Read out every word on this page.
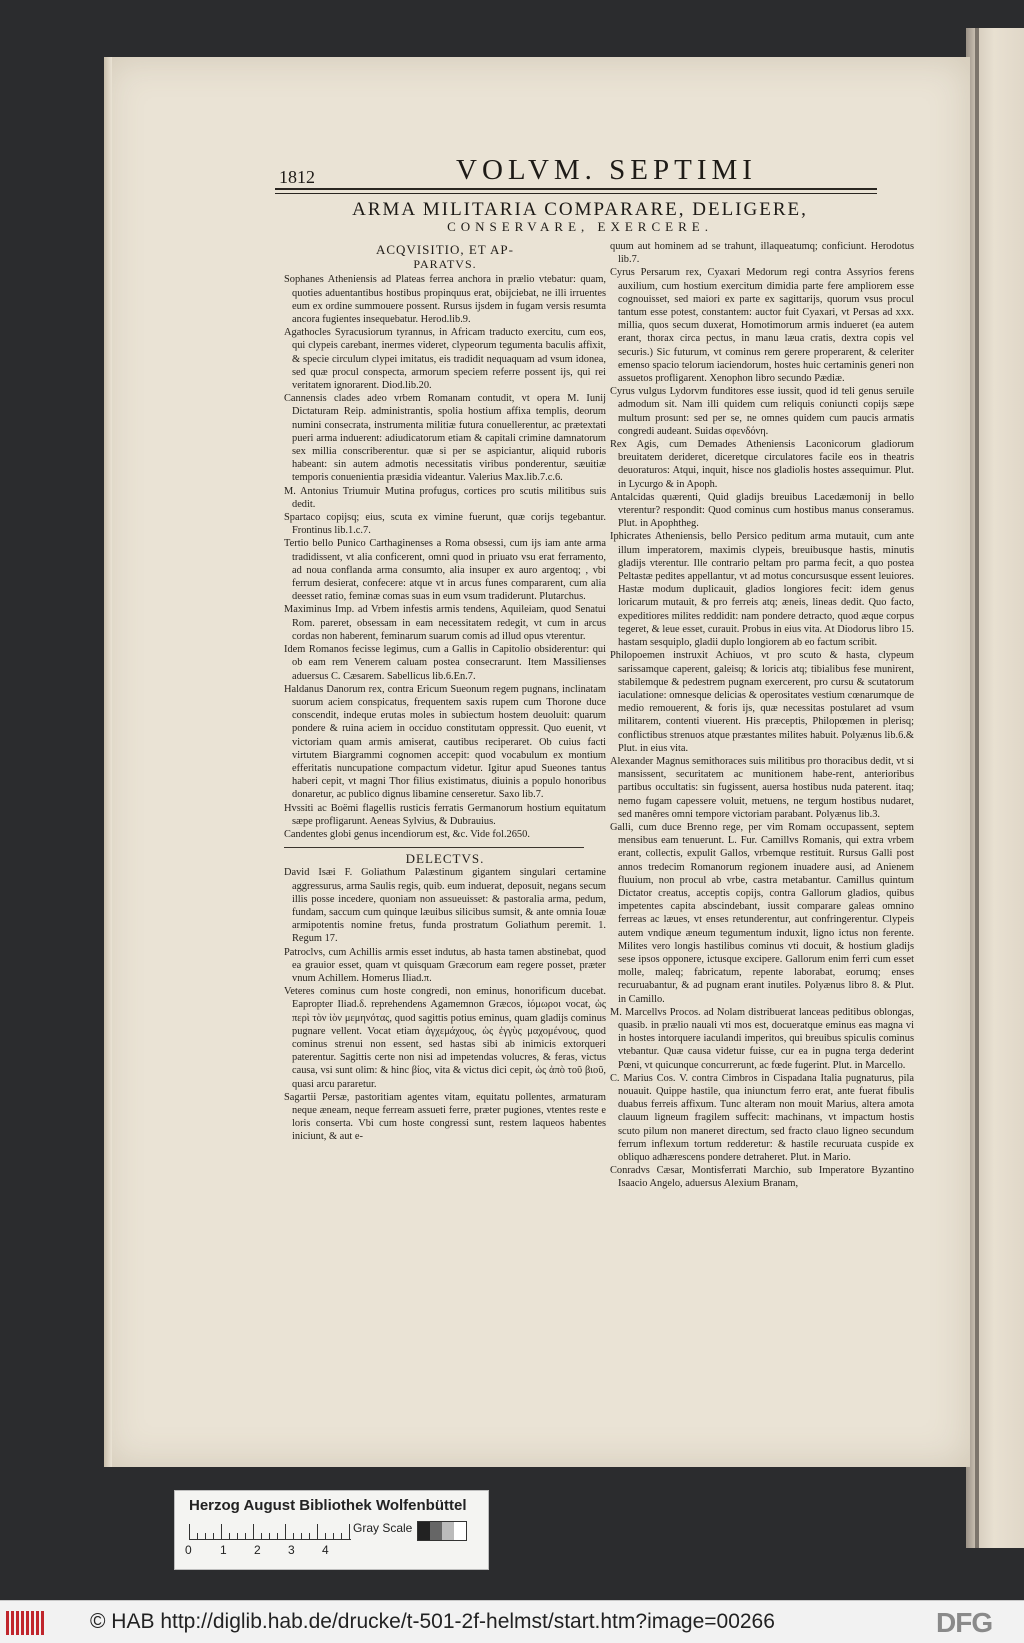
1812	VOLVM. SEPTIMI
ARMA MILITARIA COMPARARE, DELIGERE,
CONSERVARE, EXERCERE.

ACQVISITIO, ET AP-

PARATVS.

Sophanes Atheniensis ad Plateas ferrea anchora in prælio vtebatur: quam, quoties aduentantibus hostibus propinquus erat, obijciebat, ne illi irruentes eum ex ordine summouere possent. Rursus ijsdem in fugam versis resumta ancora fugientes insequebatur. Herod.lib.9.

Agathocles Syracusiorum tyrannus, in Africam traducto exercitu, cum eos, qui clypeis carebant, inermes videret, clypeorum tegumenta baculis affixit, & specie circulum clypei imitatus, eis tradidit nequaquam ad vsum idonea, sed quæ procul conspecta, armorum speciem referre possent ijs, qui rei veritatem ignorarent. Diod.lib.20.

Cannensis clades adeo vrbem Romanam contudit, vt opera M. Iunij Dictaturam Reip. administrantis, spolia hostium affixa templis, deorum numini consecrata, instrumenta militiæ futura conuellerentur, ac prætextati pueri arma induerent: adiudicatorum etiam & capitali crimine damnatorum sex millia conscriberentur. quæ si per se aspiciantur, aliquid ruboris habeant: sin autem admotis necessitatis viribus ponderentur, sæuitiæ temporis conuenientia præsidia videantur. Valerius Max.lib.7.c.6.

M. Antonius Triumuir Mutina profugus, cortices pro scutis militibus suis dedit.

Spartaco copijsq; eius, scuta ex vimine fuerunt, quæ corijs tegebantur. Frontinus lib.1.c.7.

Tertio bello Punico Carthaginenses a Roma obsessi, cum ijs iam ante arma tradidissent, vt alia conficerent, omni quod in priuato vsu erat ferramento, ad noua conflanda arma consumto, alia insuper ex auro argentoq; , vbi ferrum desierat, confecere: atque vt in arcus funes compararent, cum alia deesset ratio, feminæ comas suas in eum vsum tradiderunt. Plutarchus.

Maximinus Imp. ad Vrbem infestis armis tendens, Aquileiam, quod Senatui Rom. pareret, obsessam in eam necessitatem redegit, vt cum in arcus cordas non haberent, feminarum suarum comis ad illud opus vterentur.

Idem Romanos fecisse legimus, cum a Gallis in Capitolio obsiderentur: qui ob eam rem Venerem caluam postea consecrarunt. Item Massilienses aduersus C. Cæsarem. Sabellicus lib.6.En.7.

Haldanus Danorum rex, contra Ericum Sueonum regem pugnans, inclinatam suorum aciem conspicatus, frequentem saxis rupem cum Thorone duce conscendit, indeque erutas moles in subiectum hostem deuoluit: quarum pondere & ruina aciem in occiduo constitutam oppressit. Quo euenit, vt victoriam quam armis amiserat, cautibus reciperaret. Ob cuius facti virtutem Biargrammi cognomen accepit: quod vocabulum ex montium efferitatis nuncupatione compactum videtur. Igitur apud Sueones tantus haberi cepit, vt magni Thor filius existimatus, diuinis a populo honoribus donaretur, ac publico dignus libamine censeretur. Saxo lib.7.

Hvssiti ac Boëmi flagellis rusticis ferratis Germanorum hostium equitatum sæpe profligarunt. Aeneas Sylvius, & Dubrauius.

Candentes globi genus incendiorum est, &c. Vide fol.2650.

DELECTVS.

David Isæi F. Goliathum Palæstinum gigantem singulari certamine aggressurus, arma Saulis regis, quib. eum induerat, deposuit, negans secum illis posse incedere, quoniam non assueuisset: & pastoralia arma, pedum, fundam, saccum cum quinque læuibus silicibus sumsit, & ante omnia Iouæ armipotentis nomine fretus, funda prostratum Goliathum peremit. 1. Regum 17.

Patroclvs, cum Achillis armis esset indutus, ab hasta tamen abstinebat, quod ea grauior esset, quam vt quisquam Græcorum eam regere posset, præter vnum Achillem. Homerus Iliad.π.

Veteres cominus cum hoste congredi, non eminus, honorificum ducebat. Eapropter Iliad.δ. reprehendens Agamemnon Græcos, ἰόμωροι vocat, ὡς περὶ τὸν ἰὸν μεμηνότας, quod sagittis potius eminus, quam gladijs cominus pugnare vellent. Vocat etiam ἀγχεμάχους, ὡς ἐγγὺς μαχομένους, quod cominus strenui non essent, sed hastas sibi ab inimicis extorqueri paterentur. Sagittis certe non nisi ad impetendas volucres, & feras, victus causa, vsi sunt olim: & hinc βίος, vita & victus dici cepit, ὡς ἀπὸ τοῦ βιοῦ, quasi arcu pararetur.

Sagartii Persæ, pastoritiam agentes vitam, equitatu pollentes, armaturam neque æneam, neque ferream assueti ferre, præter pugiones, vtentes reste e loris conserta. Vbi cum hoste congressi sunt, restem laqueos habentes iniciunt, & aut e-

quum aut hominem ad se trahunt, illaqueatumq; conficiunt. Herodotus lib.7.

Cyrus Persarum rex, Cyaxari Medorum regi contra Assyrios ferens auxilium, cum hostium exercitum dimidia parte fere ampliorem esse cognouisset, sed maiori ex parte ex sagittarijs, quorum vsus procul tantum esse potest, constantem: auctor fuit Cyaxari, vt Persas ad xxx. millia, quos secum duxerat, Homotimorum armis indueret (ea autem erant, thorax circa pectus, in manu læua cratis, dextra copis vel securis.) Sic futurum, vt cominus rem gerere properarent, & celeriter emenso spacio telorum iaciendorum, hostes huic certaminis generi non assuetos profligarent. Xenophon libro secundo Pædiæ.

Cyrus vulgus Lydorvm funditores esse iussit, quod id teli genus seruile admodum sit. Nam illi quidem cum reliquis coniuncti copijs sæpe multum prosunt: sed per se, ne omnes quidem cum paucis armatis congredi audeant. Suidas σφενδόνη.

Rex Agis, cum Demades Atheniensis Laconicorum gladiorum breuitatem derideret, diceretque circulatores facile eos in theatris deuoraturos: Atqui, inquit, hisce nos gladiolis hostes assequimur. Plut. in Lycurgo & in Apoph.

Antalcidas quærenti, Quid gladijs breuibus Lacedæmonij in bello vterentur? respondit: Quod cominus cum hostibus manus conseramus. Plut. in Apophtheg.

Iphicrates Atheniensis, bello Persico peditum arma mutauit, cum ante illum imperatorem, maximis clypeis, breuibusque hastis, minutis gladijs vterentur. Ille contrario peltam pro parma fecit, a quo postea Peltastæ pedites appellantur, vt ad motus concursusque essent leuiores. Hastæ modum duplicauit, gladios longiores fecit: idem genus loricarum mutauit, & pro ferreis atq; æneis, lineas dedit. Quo facto, expeditiores milites reddidit: nam pondere detracto, quod æque corpus tegeret, & leue esset, curauit. Probus in eius vita. At Diodorus libro 15. hastam sesquiplo, gladii duplo longiorem ab eo factum scribit.

Philopoemen instruxit Achiuos, vt pro scuto & hasta, clypeum sarissamque caperent, galeisq; & loricis atq; tibialibus fese munirent, stabilemque & pedestrem pugnam exercerent, pro cursu & scutatorum iaculatione: omnesque delicias & operositates vestium cœnarumque de medio remouerent, & foris ijs, quæ necessitas postularet ad vsum militarem, contenti viuerent. His præceptis, Philopœmen in plerisq; conflictibus strenuos atque præstantes milites habuit. Polyænus lib.6.& Plut. in eius vita.

Alexander Magnus semithoraces suis militibus pro thoracibus dedit, vt si mansissent, securitatem ac munitionem habe-rent, anterioribus partibus occultatis: sin fugissent, auersa hostibus nuda paterent. itaq; nemo fugam capessere voluit, metuens, ne tergum hostibus nudaret, sed manêres omni tempore victoriam parabant. Polyænus lib.3.

Galli, cum duce Brenno rege, per vim Romam occupassent, septem mensibus eam tenuerunt. L. Fur. Camillvs Romanis, qui extra vrbem erant, collectis, expulit Gallos, vrbemque restituit. Rursus Galli post annos tredecim Romanorum regionem inuadere ausi, ad Anienem fluuium, non procul ab vrbe, castra metabantur. Camillus quintum Dictator creatus, acceptis copijs, contra Gallorum gladios, quibus impetentes capita abscindebant, iussit comparare galeas omnino ferreas ac læues, vt enses retunderentur, aut confringerentur. Clypeis autem vndique æneum tegumentum induxit, ligno ictus non ferente. Milites vero longis hastilibus cominus vti docuit, & hostium gladijs sese ipsos opponere, ictusque excipere. Gallorum enim ferri cum esset molle, maleq; fabricatum, repente laborabat, eorumq; enses recuruabantur, & ad pugnam erant inutiles. Polyænus libro 8. & Plut. in Camillo.

M. Marcellvs Procos. ad Nolam distribuerat lanceas peditibus oblongas, quasib. in prælio nauali vti mos est, docueratque eminus eas magna vi in hostes intorquere iaculandi imperitos, qui breuibus spiculis cominus vtebantur. Quæ causa videtur fuisse, cur ea in pugna terga dederint Pœni, vt quicunque concurrerunt, ac fœde fugerint. Plut. in Marcello.

C. Marius Cos. V. contra Cimbros in Cispadana Italia pugnaturus, pila nouauit. Quippe hastile, qua iniunctum ferro erat, ante fuerat fibulis duabus ferreis affixum. Tunc alteram non mouit Marius, altera amota clauum ligneum fragilem suffecit: machinans, vt impactum hostis scuto pilum non maneret directum, sed fracto clauo ligneo secundum ferrum inflexum tortum redderetur: & hastile recuruata cuspide ex obliquo adhærescens pondere detraheret. Plut. in Mario.

Conradvs Cæsar, Montisferrati Marchio, sub Imperatore Byzantino Isaacio Angelo, aduersus Alexium Branam,

Herzog August Bibliothek Wolfenbüttel
0 1 2 3 4
Gray Scale
© HAB http://diglib.hab.de/drucke/t-501-2f-helmst/start.htm?image=00266	DFG
